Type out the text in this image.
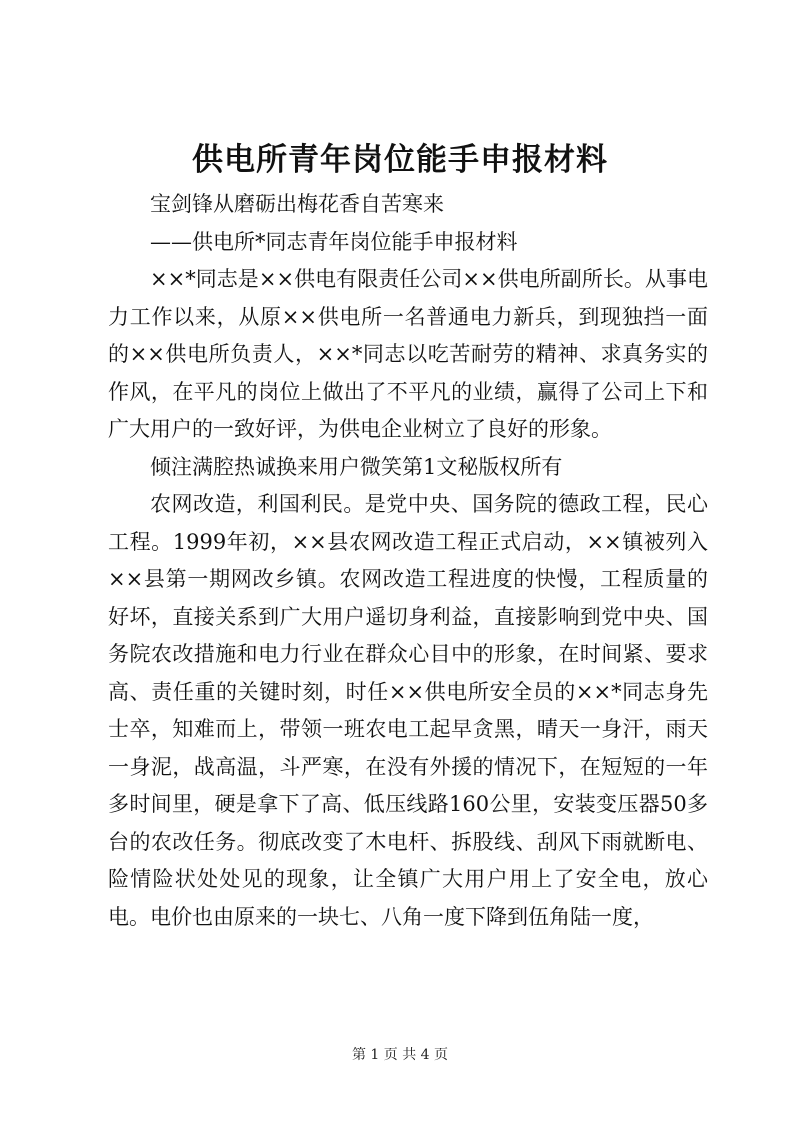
供电所青年岗位能手申报材料

宝剑锋从磨砺出梅花香自苦寒来

——供电所*同志青年岗位能手申报材料

××*同志是××供电有限责任公司××供电所副所长。从事电力工作以来，从原××供电所一名普通电力新兵，到现独挡一面的××供电所负责人，××*同志以吃苦耐劳的精神、求真务实的作风，在平凡的岗位上做出了不平凡的业绩，赢得了公司上下和广大用户的一致好评，为供电企业树立了良好的形象。

倾注满腔热诚换来用户微笑第1文秘版权所有

农网改造，利国利民。是党中央、国务院的德政工程，民心工程。1999年初，××县农网改造工程正式启动，××镇被列入××县第一期网改乡镇。农网改造工程进度的快慢，工程质量的好坏，直接关系到广大用户遥切身利益，直接影响到党中央、国务院农改措施和电力行业在群众心目中的形象，在时间紧、要求高、责任重的关键时刻，时任××供电所安全员的××*同志身先士卒，知难而上，带领一班农电工起早贪黑，晴天一身汗，雨天一身泥，战高温，斗严寒，在没有外援的情况下，在短短的一年多时间里，硬是拿下了高、低压线路160公里，安装变压器50多台的农改任务。彻底改变了木电杆、拆股线、刮风下雨就断电、险情险状处处见的现象，让全镇广大用户用上了安全电，放心电。电价也由原来的一块七、八角一度下降到伍角陆一度，

第 1 页 共 4 页
